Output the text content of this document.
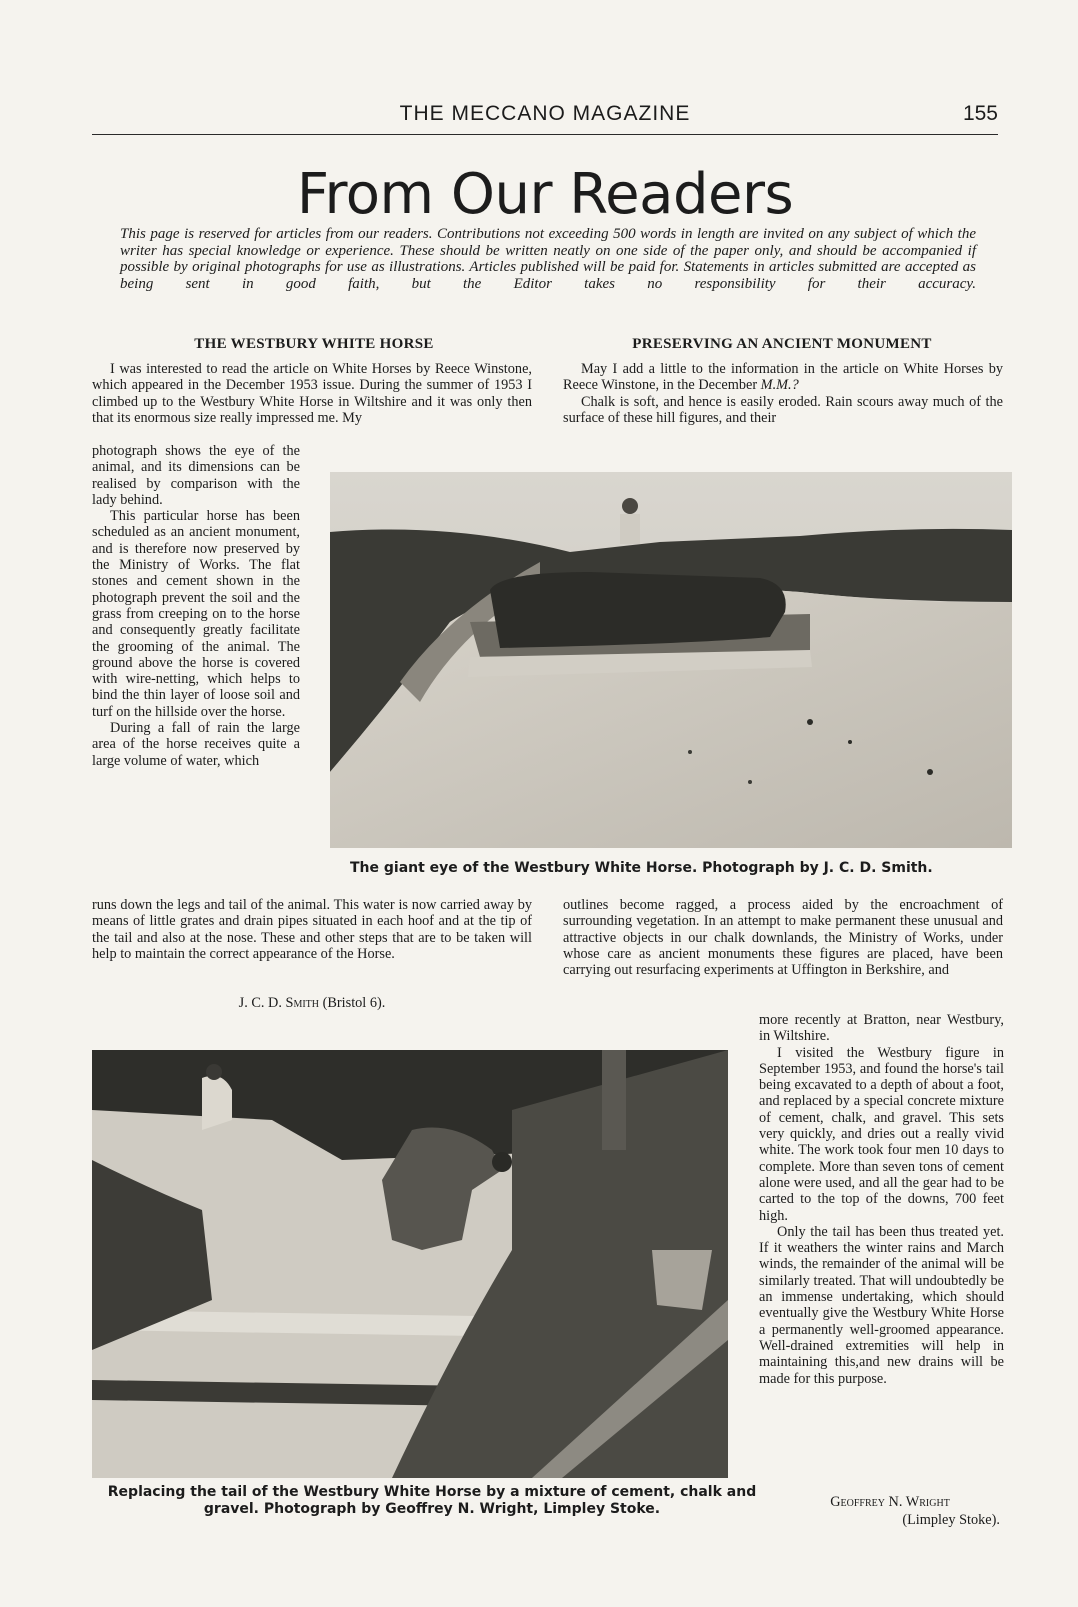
THE MECCANO MAGAZINE	155
From Our Readers
This page is reserved for articles from our readers. Contributions not exceeding 500 words in length are invited on any subject of which the writer has special knowledge or experience. These should be written neatly on one side of the paper only, and should be accompanied if possible by original photographs for use as illustrations. Articles published will be paid for. Statements in articles submitted are accepted as being sent in good faith, but the Editor takes no responsibility for their accuracy.
THE WESTBURY WHITE HORSE

I was interested to read the article on White Horses by Reece Winstone, which appeared in the December 1953 issue. During the summer of 1953 I climbed up to the Westbury White Horse in Wiltshire and it was only then that its enormous size really impressed me. My

photograph shows the eye of the animal, and its dimensions can be realised by comparison with the lady behind.

This particular horse has been scheduled as an ancient monument, and is therefore now preserved by the Ministry of Works. The flat stones and cement shown in the photograph prevent the soil and the grass from creeping on to the horse and consequently greatly facilitate the grooming of the animal. The ground above the horse is covered with wire-netting, which helps to bind the thin layer of loose soil and turf on the hillside over the horse.

During a fall of rain the large area of the horse receives quite a large volume of water, which

runs down the legs and tail of the animal. This water is now carried away by means of little grates and drain pipes situated in each hoof and at the tip of the tail and also at the nose. These and other steps that are to be taken will help to maintain the correct appearance of the Horse.

J. C. D. Smith (Bristol 6).
PRESERVING AN ANCIENT MONUMENT

May I add a little to the information in the article on White Horses by Reece Winstone, in the December M.M.?

Chalk is soft, and hence is easily eroded. Rain scours away much of the surface of these hill figures, and their

The giant eye of the Westbury White Horse. Photograph by J. C. D. Smith.

outlines become ragged, a process aided by the encroachment of surrounding vegetation. In an attempt to make permanent these unusual and attractive objects in our chalk downlands, the Ministry of Works, under whose care as ancient monuments these figures are placed, have been carrying out resurfacing experiments at Uffington in Berkshire, and

more recently at Bratton, near Westbury, in Wiltshire.

I visited the Westbury figure in September 1953, and found the horse's tail being excavated to a depth of about a foot, and replaced by a special concrete mixture of cement, chalk, and gravel. This sets very quickly, and dries out a really vivid white. The work took four men 10 days to complete. More than seven tons of cement alone were used, and all the gear had to be carted to the top of the downs, 700 feet high.

Only the tail has been thus treated yet. If it weathers the winter rains and March winds, the remainder of the animal will be similarly treated. That will undoubtedly be an immense undertaking, which should eventually give the Westbury White Horse a permanently well-groomed appearance. Well-drained extremities will help in maintaining this,and new drains will be made for this purpose.

Geoffrey N. Wright
(Limpley Stoke).
Replacing the tail of the Westbury White Horse by a mixture of cement, chalk and gravel. Photograph by Geoffrey N. Wright, Limpley Stoke.
